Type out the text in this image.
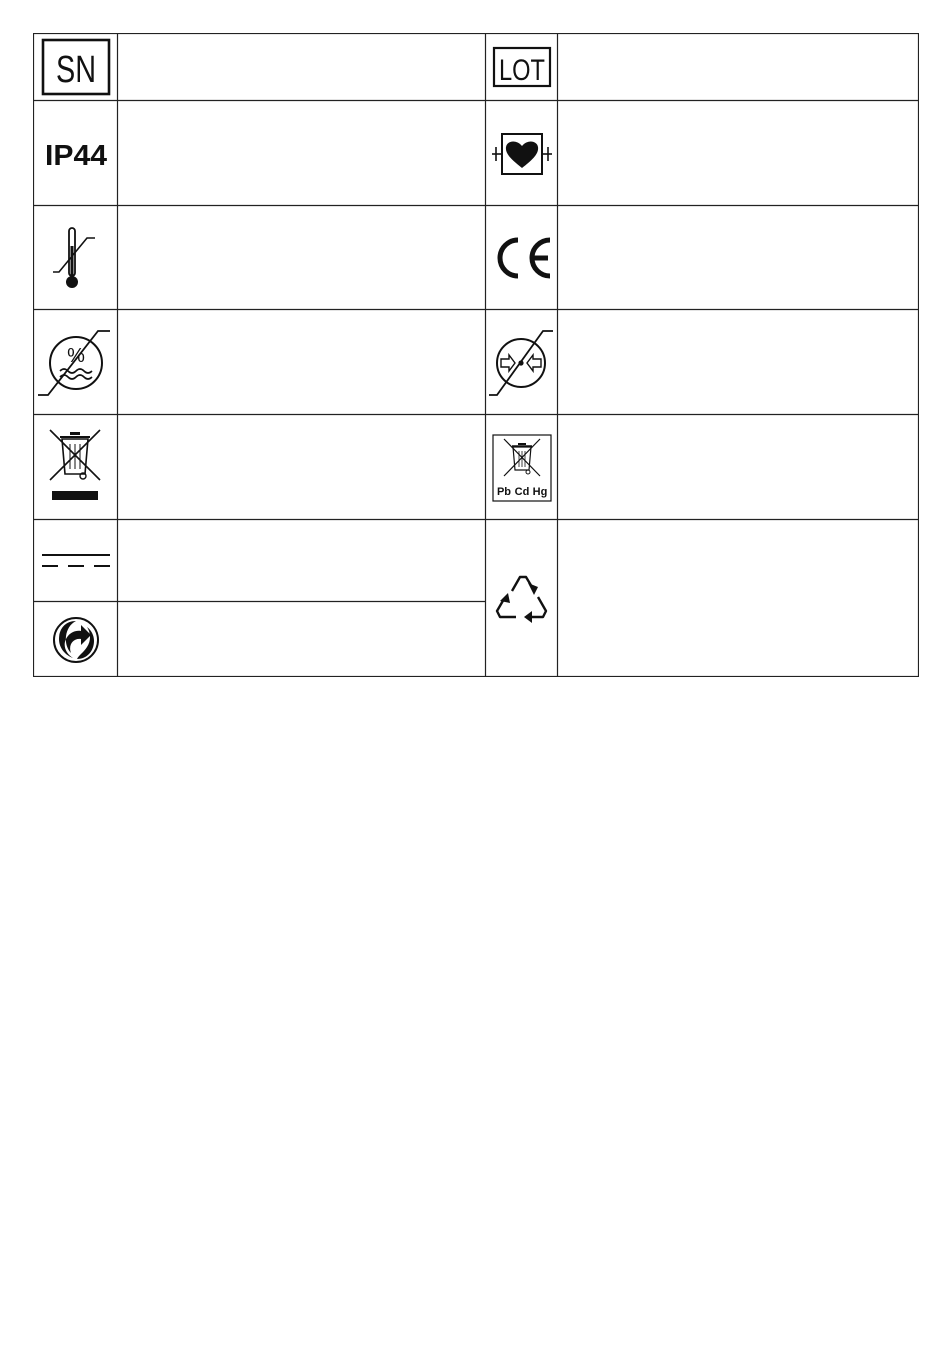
SN	LOT
IP44
%
Pb Cd Hg
